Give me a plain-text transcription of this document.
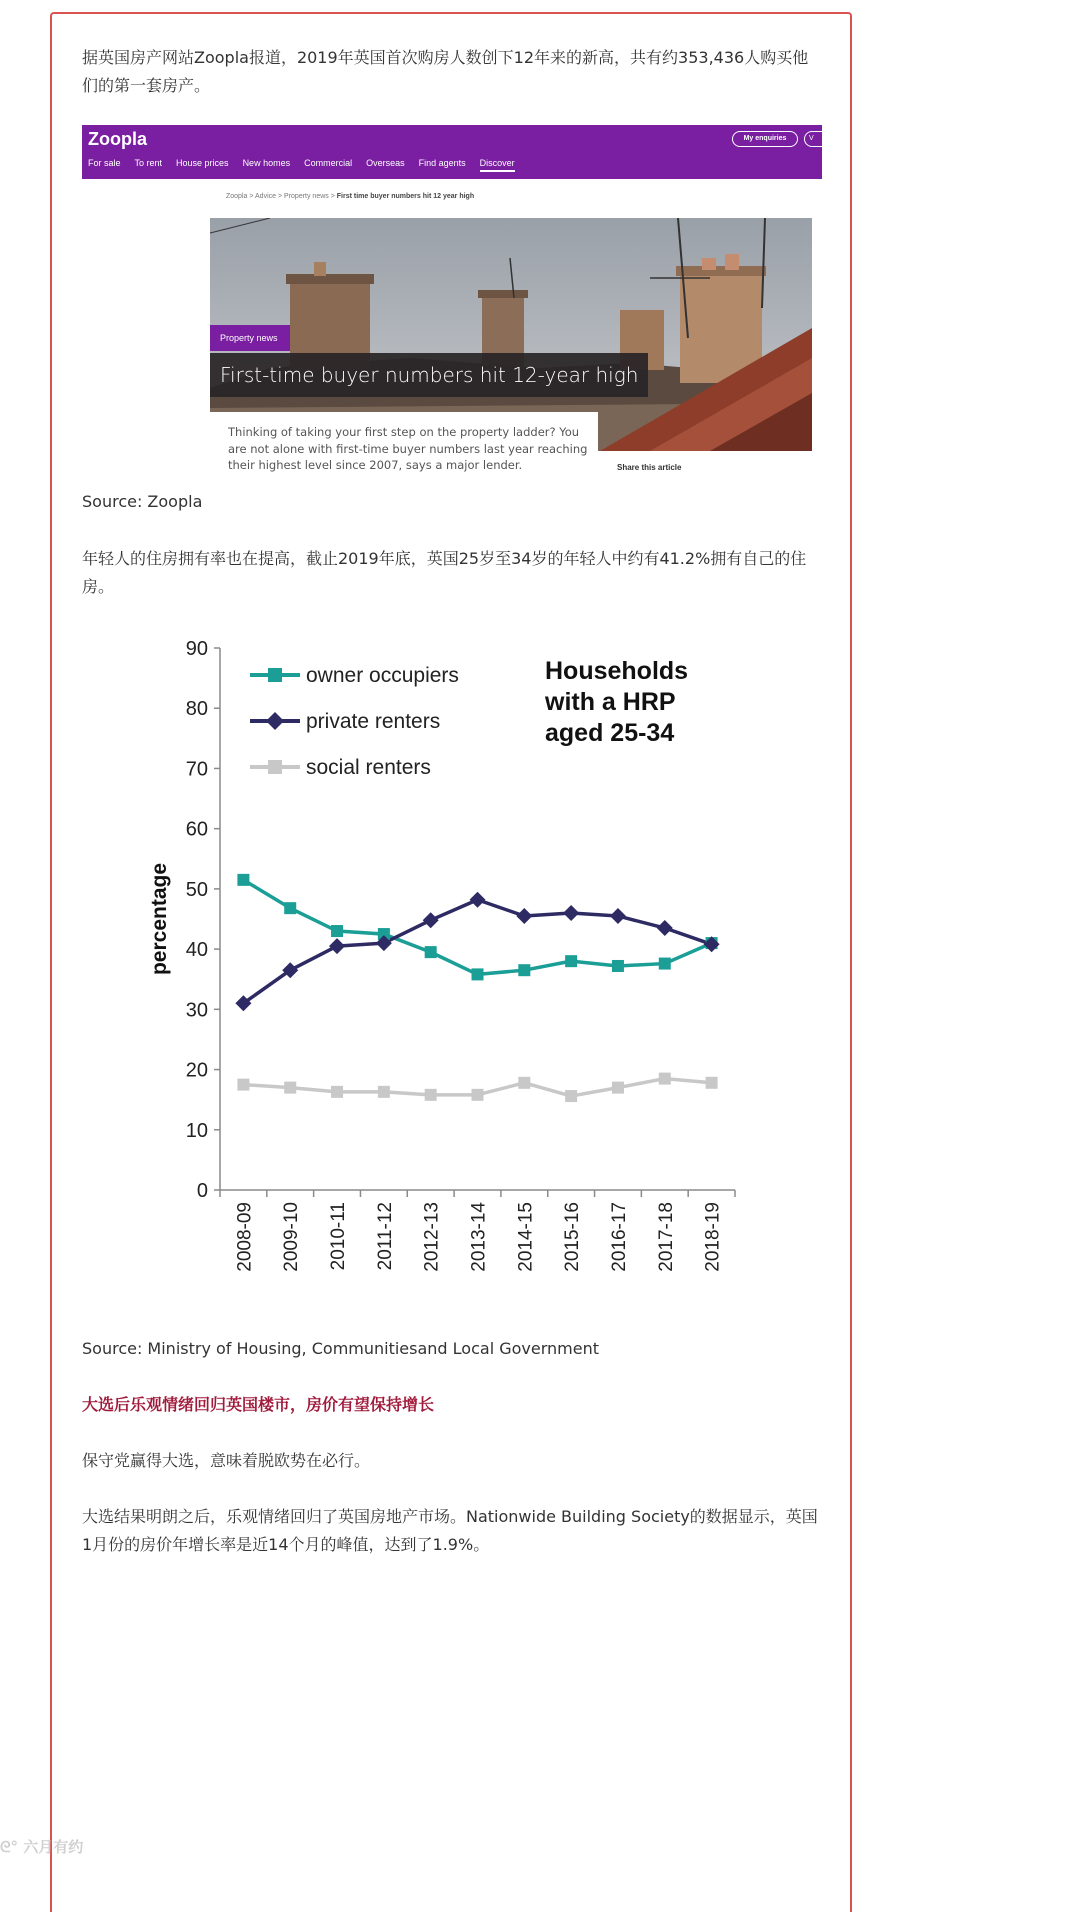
据英国房产网站Zoopla报道，2019年英国首次购房人数创下12年来的新高，共有约353,436人购买他们的第一套房产。

Zoopla
For sale To rent House prices New homes Commercial Overseas Find agents Discover
My enquiries	V
Zoopla > Advice > Property news > First time buyer numbers hit 12 year high
Property news
First-time buyer numbers hit 12-year high
Thinking of taking your first step on the property ladder? You are not alone with first-time buyer numbers last year reaching their highest level since 2007, says a major lender.	Share this article

Source: Zoopla

年轻人的住房拥有率也在提高，截止2019年底，英国25岁至34岁的年轻人中约有41.2%拥有自己的住房。

0
10
20
30
40
50
60
70
80
90
2008-09 2009-10 2010-11 2011-12 2012-13 2013-14 2014-15 2015-16 2016-17 2017-18 2018-19
percentage
owner occupiers
private renters
social renters
Households
with a HRP
aged 25-34

Source: Ministry of Housing, Communitiesand Local Government

大选后乐观情绪回归英国楼市，房价有望保持增长

保守党赢得大选，意味着脱欧势在必行。

大选结果明朗之后，乐观情绪回归了英国房地产市场。Nationwide Building Society的数据显示，英国1月份的房价年增长率是近14个月的峰值，达到了1.9%。

ᘓ° 六月有约
